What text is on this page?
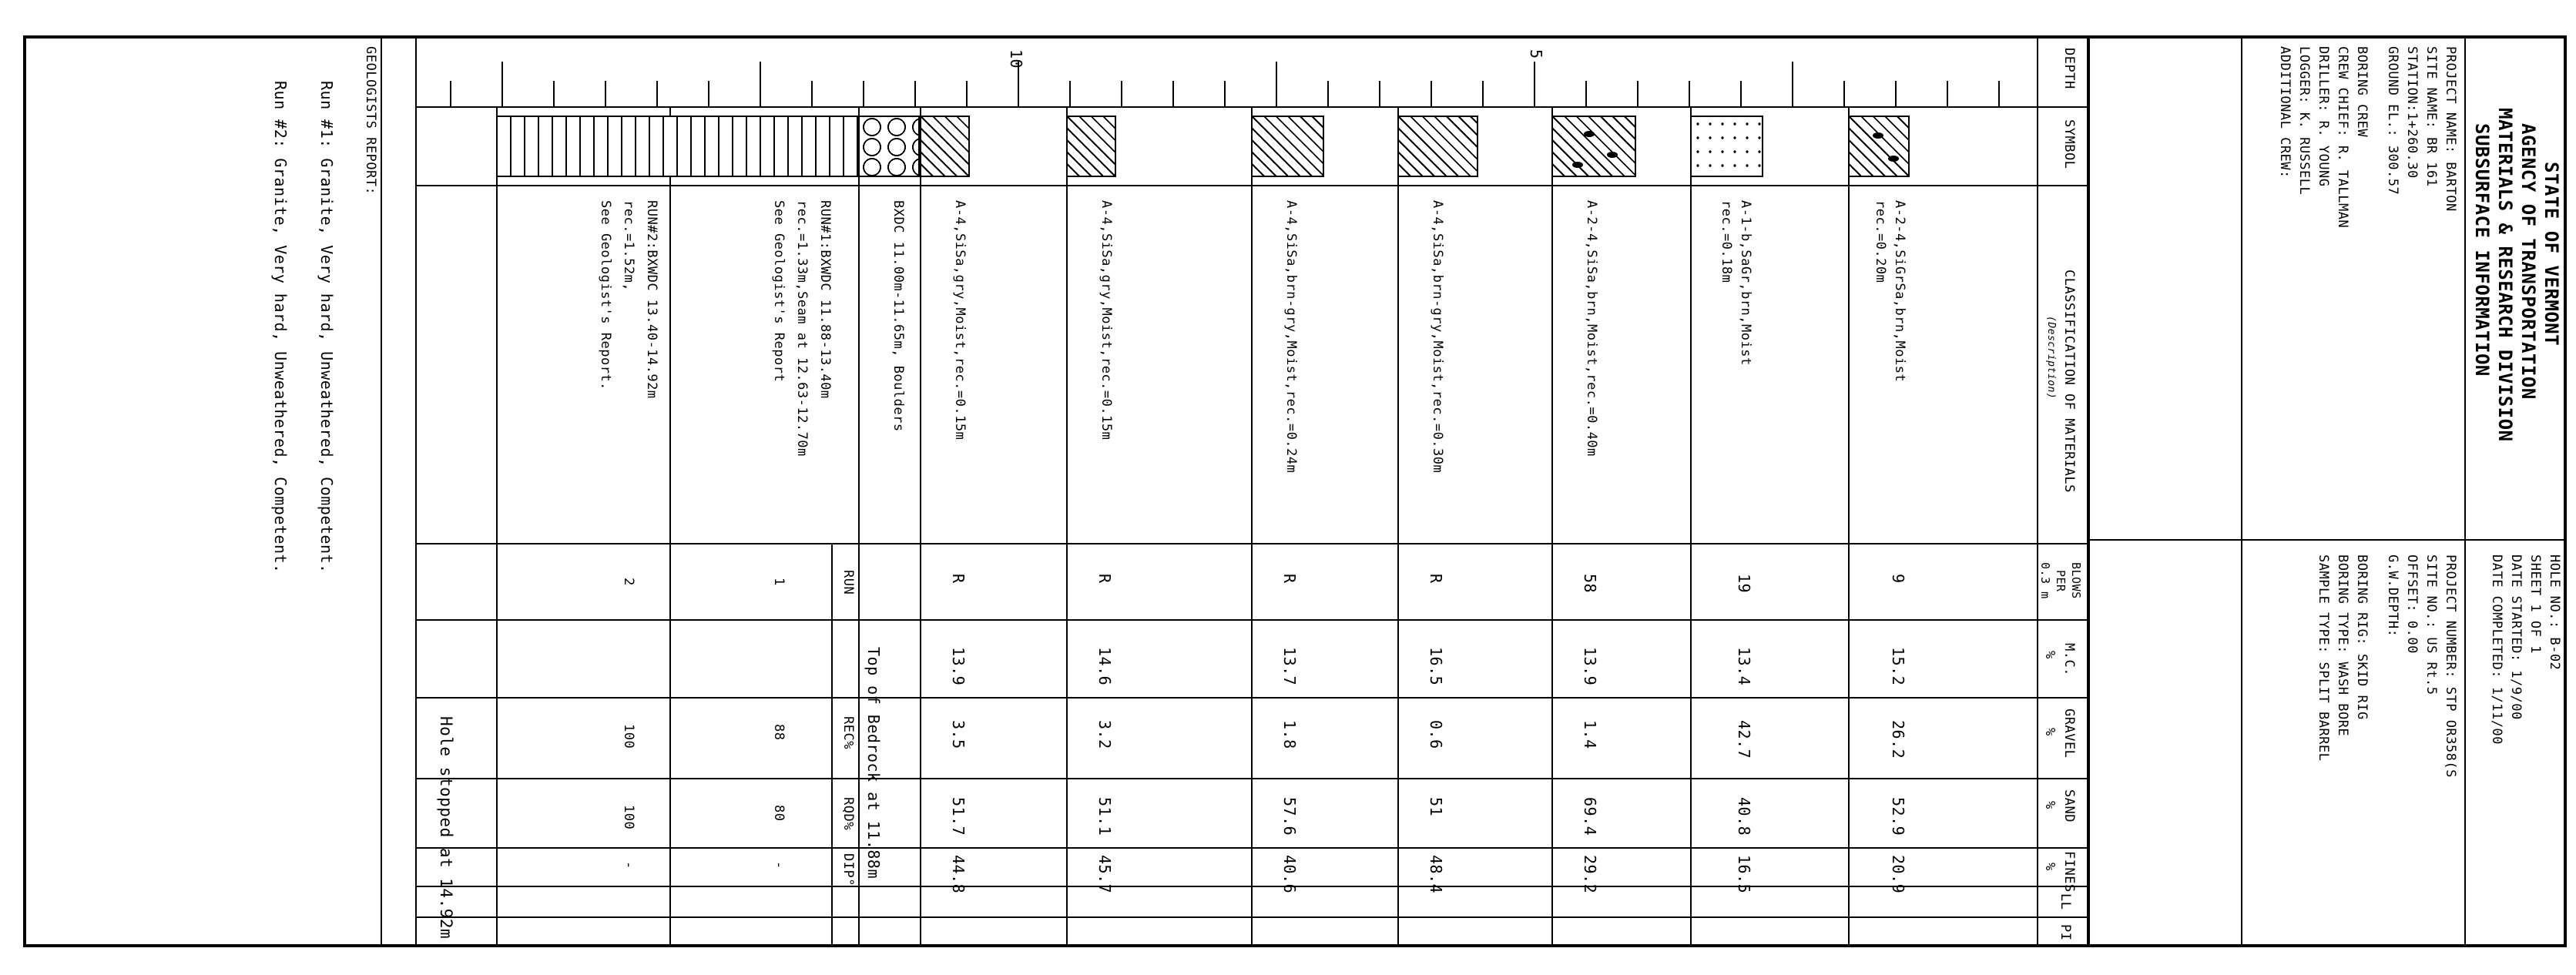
5
10
A-2-4,SiGrSa,brn,Moist
rec.=0.20m
A-1-b,SaGr,brn,Moist
rec.=0.18m
A-2-4,SiSa,brn,Moist,rec.=0.40m
A-4,SiSa,brn-gry,Moist,rec.=0.30m
A-4,SiSa,brn-gry,Moist,rec.=0.24m
A-4,SiSa,gry,Moist,rec.=0.15m
A-4,SiSa,gry,Moist,rec.=0.15m
BXDC 11.00m-11.65m, Boulders
RUN#1:BXWDC 11.88-13.40m
rec.=1.33m,Seam at 12.63-12.70m
See Geologist's Report
RUN#2:BXWDC 13.40-14.92m
rec.=1.52m,
See Geologist's Report.
9
15.2
26.2
52.9
20.9
19
13.4
42.7
40.8
16.5
58
13.9
1.4
69.4
29.2
R
16.5
0.6
51
48.4
R
13.7
1.8
57.6
40.6
R
14.6
3.2
51.1
45.7
R
13.9
3.5
51.7
44.8
Top of Bedrock at 11.88m
RUN
REC%
RQD%
DIP°
1
88
80
-
2
100
100
-
Hole stopped at 14.92m
GEOLOGISTS REPORT:
Run #1: Granite, Very hard, Unweathered, Competent.
Run #2: Granite, Very hard, Unweathered, Competent.
DEPTH
SYMBOL
CLASSIFICATION OF MATERIALS
(Description)
BLOWS
PER
0.3 m
M.C.
%
GRAVEL
%
SAND
%
FINES
%
LL
PI
STATE OF VERMONT
AGENCY OF TRANSPORTATION
MATERIALS & RESEARCH DIVISION
SUBSURFACE INFORMATION
HOLE NO.: B-02
SHEET 1 OF 1
DATE STARTED: 1/9/00
DATE COMPLETED: 1/11/00
PROJECT NAME: BARTON
SITE NAME: BR 161
STATION:1+260.30
GROUND EL.: 300.57
PROJECT NUMBER: STP OR358(S
SITE NO.: US Rt.5
OFFSET: 0.00
G.W.DEPTH:
BORING CREW
CREW CHIEF: R. TALLMAN
DRILLER: R. YOUNG
LOGGER: K. RUSSELL
ADDITIONAL CREW:
BORING RIG: SKID RIG
BORING TYPE: WASH BORE
SAMPLE TYPE: SPLIT BARREL
